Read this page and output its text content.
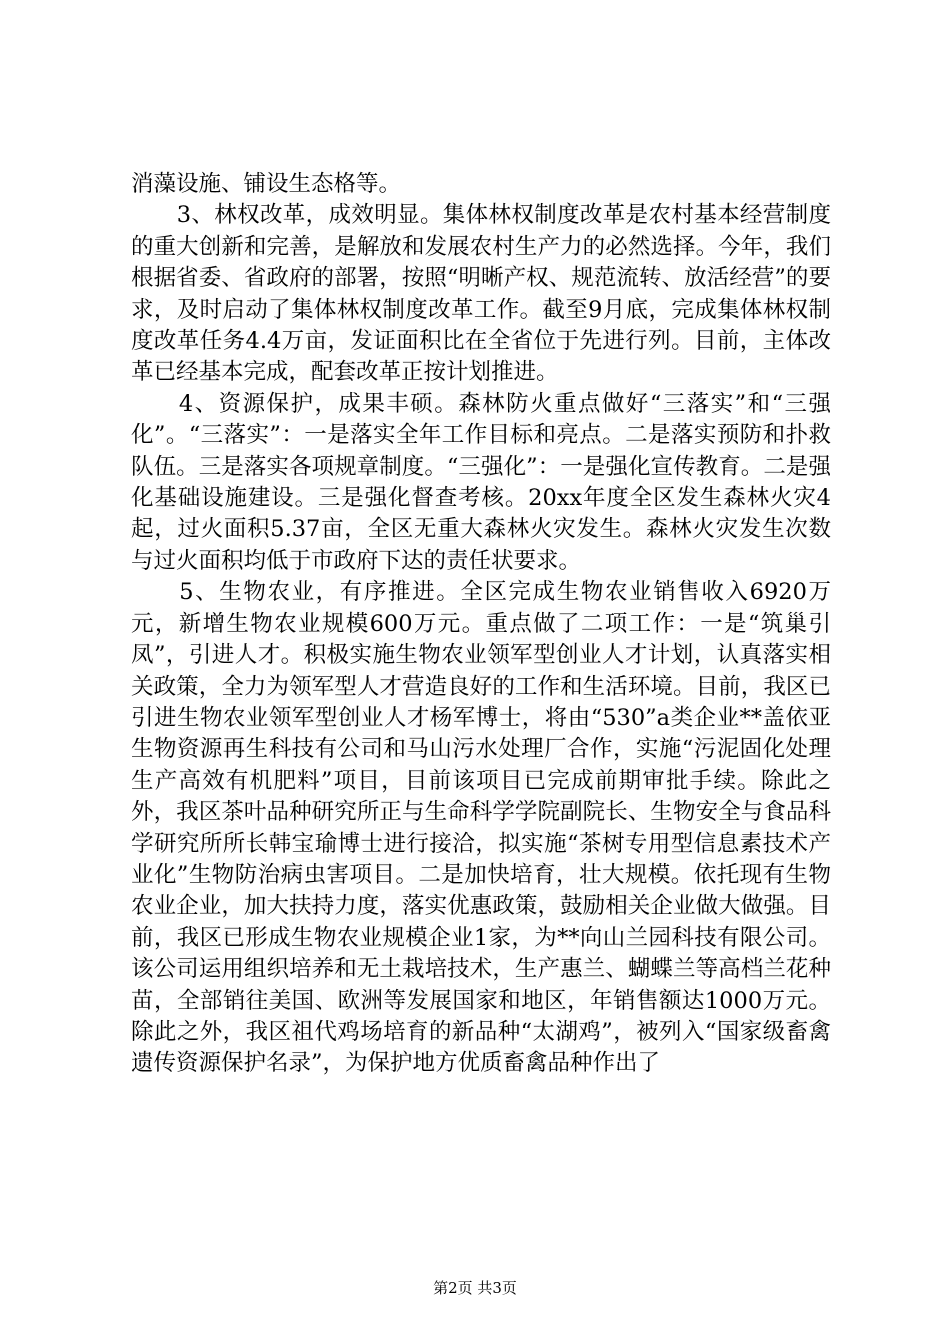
消藻设施、铺设生态格等。

　　3、林权改革，成效明显。集体林权制度改革是农村基本经营制度的重大创新和完善，是解放和发展农村生产力的必然选择。今年，我们根据省委、省政府的部署，按照“明晰产权、规范流转、放活经营”的要求，及时启动了集体林权制度改革工作。截至9月底，完成集体林权制度改革任务4.4万亩，发证面积比在全省位于先进行列。目前，主体改革已经基本完成，配套改革正按计划推进。

　　4、资源保护，成果丰硕。森林防火重点做好“三落实”和“三强化”。“三落实”：一是落实全年工作目标和亮点。二是落实预防和扑救队伍。三是落实各项规章制度。“三强化”：一是强化宣传教育。二是强化基础设施建设。三是强化督查考核。20xx年度全区发生森林火灾4起，过火面积5.37亩，全区无重大森林火灾发生。森林火灾发生次数与过火面积均低于市政府下达的责任状要求。

　　5、生物农业，有序推进。全区完成生物农业销售收入6920万元，新增生物农业规模600万元。重点做了二项工作：一是“筑巢引凤”，引进人才。积极实施生物农业领军型创业人才计划，认真落实相关政策，全力为领军型人才营造良好的工作和生活环境。目前，我区已引进生物农业领军型创业人才杨军博士，将由“530”a类企业**盖依亚生物资源再生科技有公司和马山污水处理厂合作，实施“污泥固化处理生产高效有机肥料”项目，目前该项目已完成前期审批手续。除此之外，我区茶叶品种研究所正与生命科学学院副院长、生物安全与食品科学研究所所长韩宝瑜博士进行接洽，拟实施“茶树专用型信息素技术产业化”生物防治病虫害项目。二是加快培育，壮大规模。依托现有生物农业企业，加大扶持力度，落实优惠政策，鼓励相关企业做大做强。目前，我区已形成生物农业规模企业1家，为**向山兰园科技有限公司。该公司运用组织培养和无土栽培技术，生产惠兰、蝴蝶兰等高档兰花种苗，全部销往美国、欧洲等发展国家和地区，年销售额达1000万元。除此之外，我区祖代鸡场培育的新品种“太湖鸡”，被列入“国家级畜禽遗传资源保护名录”，为保护地方优质畜禽品种作出了

第2页 共3页
